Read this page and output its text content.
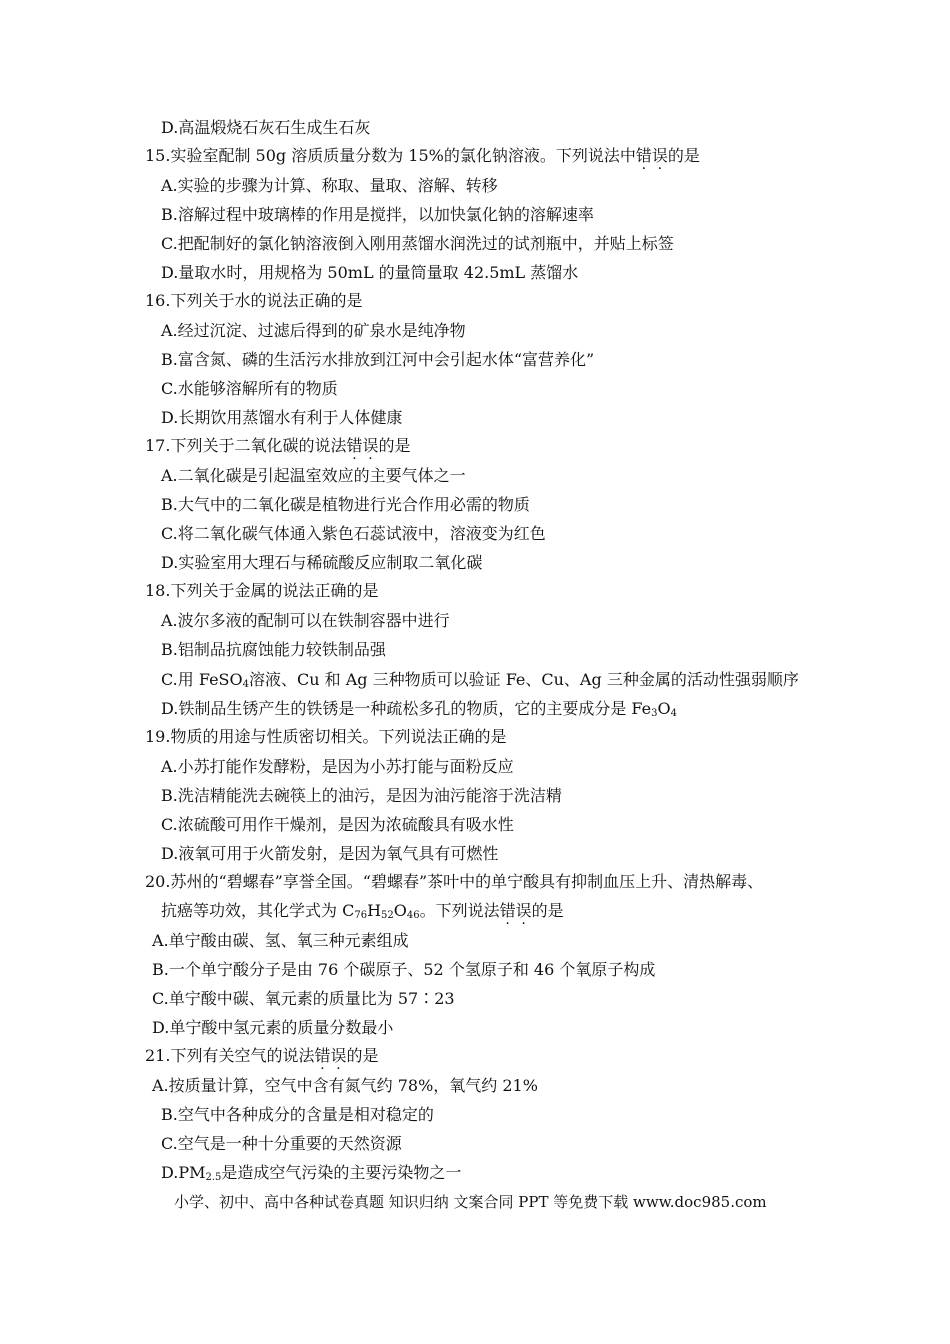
D.高温煅烧石灰石生成生石灰
15.实验室配制 50g 溶质质量分数为 15%的氯化钠溶液。下列说法中错误的是
A.实验的步骤为计算、称取、量取、溶解、转移
B.溶解过程中玻璃棒的作用是搅拌，以加快氯化钠的溶解速率
C.把配制好的氯化钠溶液倒入刚用蒸馏水润洗过的试剂瓶中，并贴上标签
D.量取水时，用规格为 50mL 的量筒量取 42.5mL 蒸馏水
16.下列关于水的说法正确的是
A.经过沉淀、过滤后得到的矿泉水是纯净物
B.富含氮、磷的生活污水排放到江河中会引起水体“富营养化”
C.水能够溶解所有的物质
D.长期饮用蒸馏水有利于人体健康
17.下列关于二氧化碳的说法错误的是
A.二氧化碳是引起温室效应的主要气体之一
B.大气中的二氧化碳是植物进行光合作用必需的物质
C.将二氧化碳气体通入紫色石蕊试液中，溶液变为红色
D.实验室用大理石与稀硫酸反应制取二氧化碳
18.下列关于金属的说法正确的是
A.波尔多液的配制可以在铁制容器中进行
B.铝制品抗腐蚀能力较铁制品强
C.用 FeSO$_4$溶液、Cu 和 Ag 三种物质可以验证 Fe、Cu、Ag 三种金属的活动性强弱顺序
D.铁制品生锈产生的铁锈是一种疏松多孔的物质，它的主要成分是 $Fe_3O_4$
19.物质的用途与性质密切相关。下列说法正确的是
A.小苏打能作发酵粉，是因为小苏打能与面粉反应
B.洗洁精能洗去碗筷上的油污，是因为油污能溶于洗洁精
C.浓硫酸可用作干燥剂，是因为浓硫酸具有吸水性
D.液氧可用于火箭发射，是因为氧气具有可燃性
20.苏州的“碧螺春”享誉全国。“碧螺春”茶叶中的单宁酸具有抑制血压上升、清热解毒、
抗癌等功效，其化学式为 $C_{76}H_{52}O_{46}$。下列说法错误的是
A.单宁酸由碳、氢、氧三种元素组成
B.一个单宁酸分子是由 76 个碳原子、52 个氢原子和 46 个氧原子构成
C.单宁酸中碳、氧元素的质量比为 57∶23
D.单宁酸中氢元素的质量分数最小
21.下列有关空气的说法错误的是
A.按质量计算，空气中含有氮气约 78%，氧气约 21%
B.空气中各种成分的含量是相对稳定的
C.空气是一种十分重要的天然资源
$D.PM_{2.5}$是造成空气污染的主要污染物之一
小学、初中、高中各种试卷真题 知识归纳 文案合同 PPT 等免费下载 www.doc985.com
